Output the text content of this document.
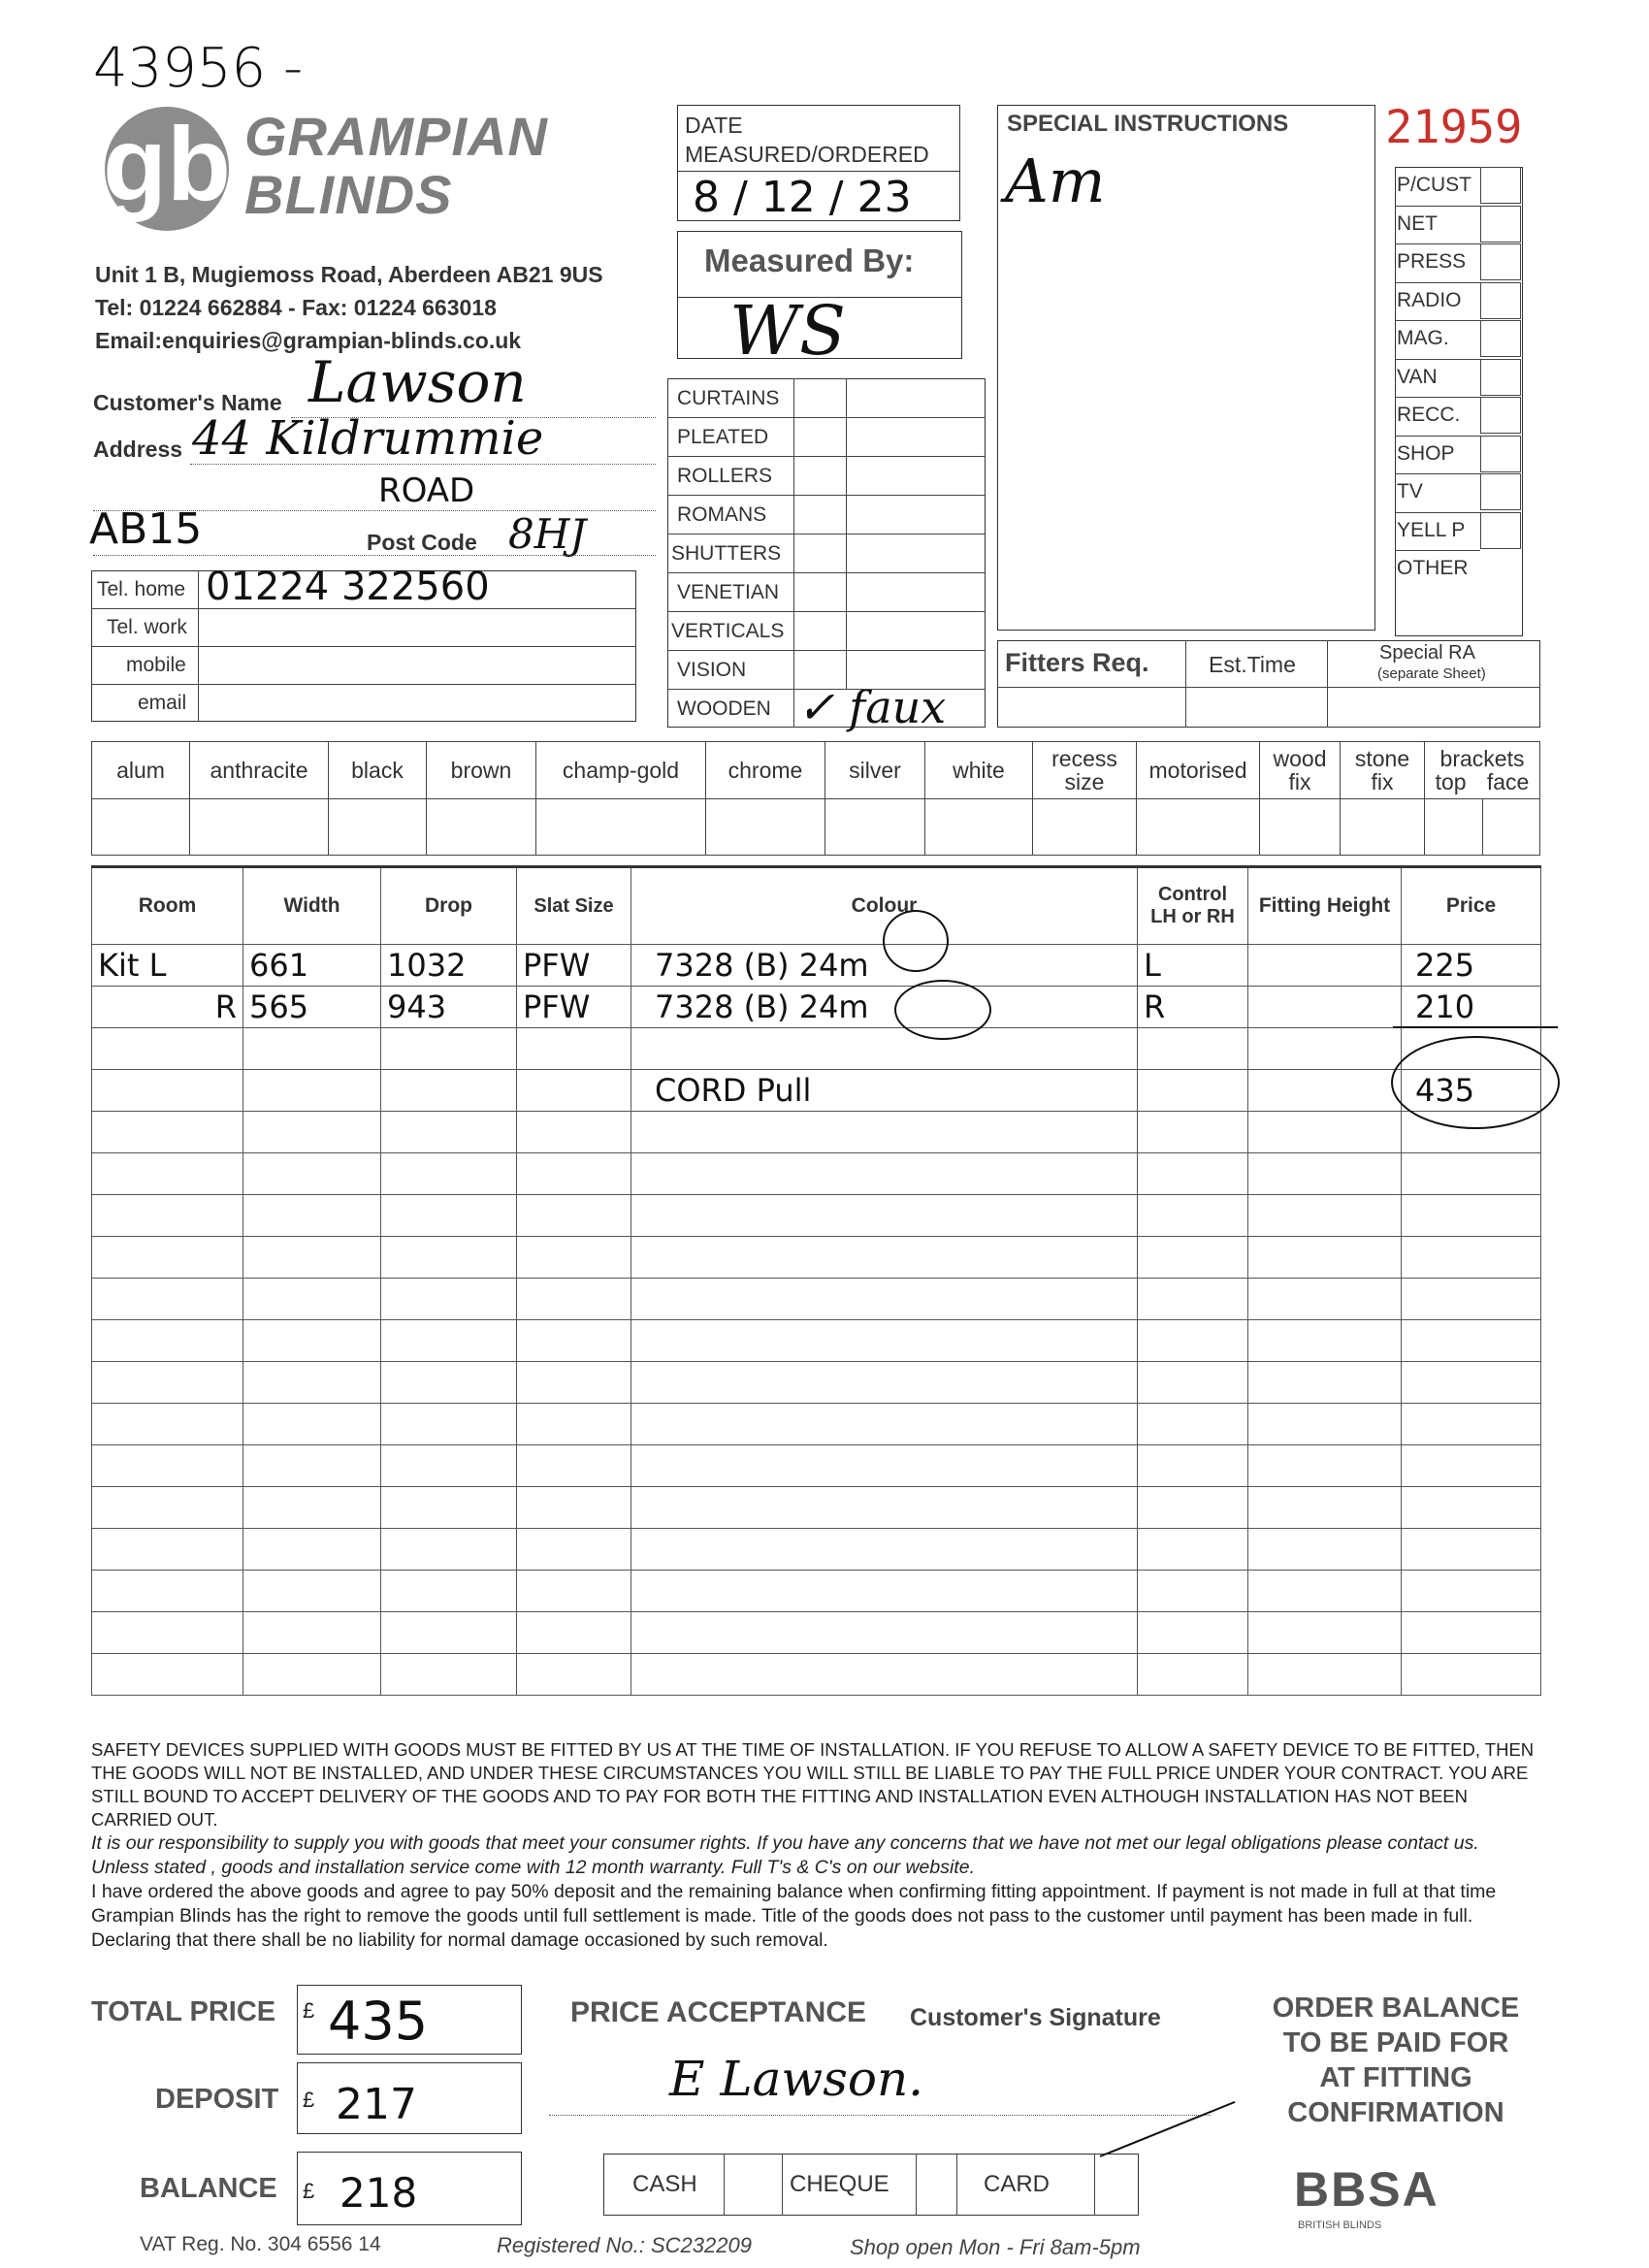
43956 -
gb GRAMPIAN
BLINDS
Unit 1 B, Mugiemoss Road, Aberdeen AB21 9US
Tel: 01224 662884 - Fax: 01224 663018
Email:enquiries@grampian-blinds.co.uk
DATE
MEASURED/ORDERED
8 / 12 / 23
Measured By:
WS
SPECIAL INSTRUCTIONS
Am
21959
P/CUST
NET
PRESS
RADIO
MAG.
VAN
RECC.
SHOP
TV
YELL P
OTHER
Customer's Name Lawson
Address 44 Kildrummie
ROAD
AB15	Post Code 8HJ
Tel. home 01224 322560
Tel. work
mobile
email
CURTAINS
PLEATED
ROLLERS
ROMANS
SHUTTERS
VENETIAN
VERTICALS
VISION
WOODEN ✓ faux
Fitters Req.	Est.Time	Special RA
(separate Sheet)
alum	anthracite	black	brown	champ-gold	chrome	silver	white	recess size	motorised	wood fix	stone fix	brackets
top face	

Room	Width	Drop	Slat Size	Colour	Control LH or RH	Fitting Height	Price
Kit L	661	1032	PFW	7328 (B) 24m	L		225
R	565	943	PFW	7328 (B) 24m	R		210

				CORD Pull			435

SAFETY DEVICES SUPPLIED WITH GOODS MUST BE FITTED BY US AT THE TIME OF INSTALLATION. IF YOU REFUSE TO ALLOW A SAFETY DEVICE TO BE FITTED, THEN THE GOODS WILL NOT BE INSTALLED, AND UNDER THESE CIRCUMSTANCES YOU WILL STILL BE LIABLE TO PAY THE FULL PRICE UNDER YOUR CONTRACT. YOU ARE STILL BOUND TO ACCEPT DELIVERY OF THE GOODS AND TO PAY FOR BOTH THE FITTING AND INSTALLATION EVEN ALTHOUGH INSTALLATION HAS NOT BEEN CARRIED OUT.

It is our responsibility to supply you with goods that meet your consumer rights. If you have any concerns that we have not met our legal obligations please contact us. Unless stated , goods and installation service come with 12 month warranty. Full T's & C's on our website.

I have ordered the above goods and agree to pay 50% deposit and the remaining balance when confirming fitting appointment. If payment is not made in full at that time Grampian Blinds has the right to remove the goods until full settlement is made. Title of the goods does not pass to the customer until payment has been made in full. Declaring that there shall be no liability for normal damage occasioned by such removal.

TOTAL PRICE £ 435
DEPOSIT £ 217
BALANCE £ 218
PRICE ACCEPTANCE Customer's Signature
E Lawson.
CASH	CHEQUE	CARD
ORDER BALANCE
TO BE PAID FOR
AT FITTING
CONFIRMATION
BBSA
BRITISH BLINDS
VAT Reg. No. 304 6556 14	Registered No.: SC232209	Shop open Mon - Fri 8am-5pm
